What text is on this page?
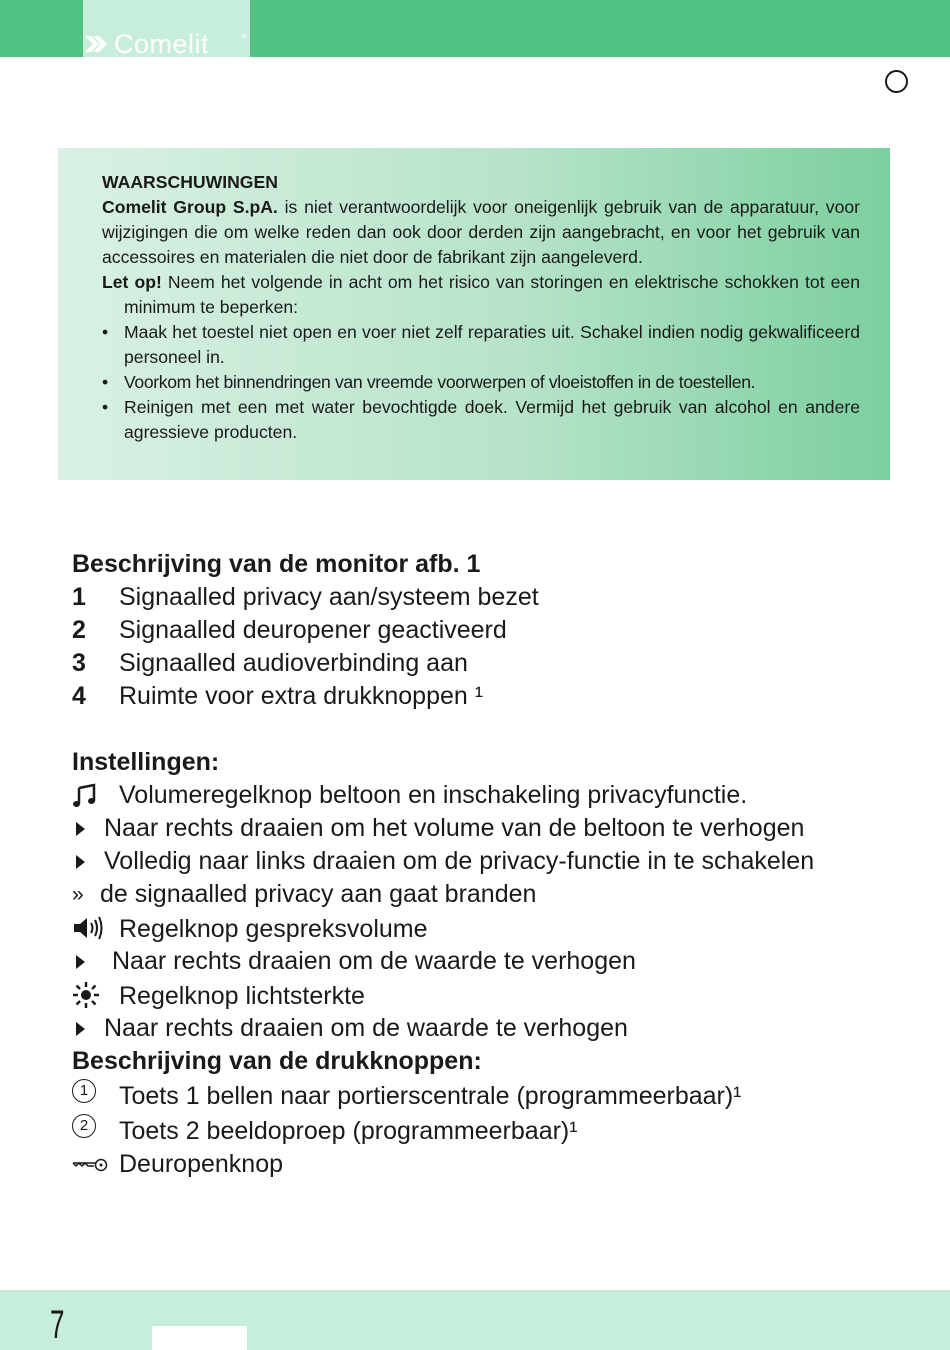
Comelit	®

WAARSCHUWINGEN

Comelit Group S.pA. is niet verantwoordelijk voor oneigenlijk gebruik van de apparatuur, voor wijzigingen die om welke reden dan ook door derden zijn aangebracht, en voor het gebruik van accessoires en materialen die niet door de fabrikant zijn aangeleverd.

Let op! Neem het volgende in acht om het risico van storingen en elektrische schokken tot een minimum te beperken:

• Maak het toestel niet open en voer niet zelf reparaties uit. Schakel indien nodig gekwalificeerd personeel in.

• Voorkom het binnendringen van vreemde voorwerpen of vloeistoffen in de toestellen.

• Reinigen met een met water bevochtigde doek. Vermijd het gebruik van alcohol en andere agressieve producten.

Beschrijving van de monitor afb. 1
1 Signaalled privacy aan/systeem bezet
2 Signaalled deuropener geactiveerd
3 Signaalled audioverbinding aan
4 Ruimte voor extra drukknoppen ¹
Instellingen:
Volumeregelknop beltoon en inschakeling privacyfunctie.
Naar rechts draaien om het volume van de beltoon te verhogen
Volledig naar links draaien om de privacy-functie in te schakelen
» de signaalled privacy aan gaat branden
Regelknop gespreksvolume
Naar rechts draaien om de waarde te verhogen
Regelknop lichtsterkte
Naar rechts draaien om de waarde te verhogen
Beschrijving van de drukknoppen:
1	Toets 1 bellen naar portierscentrale (programmeerbaar)¹
2	Toets 2 beeldoproep (programmeerbaar)¹
Deuropenknop
7
